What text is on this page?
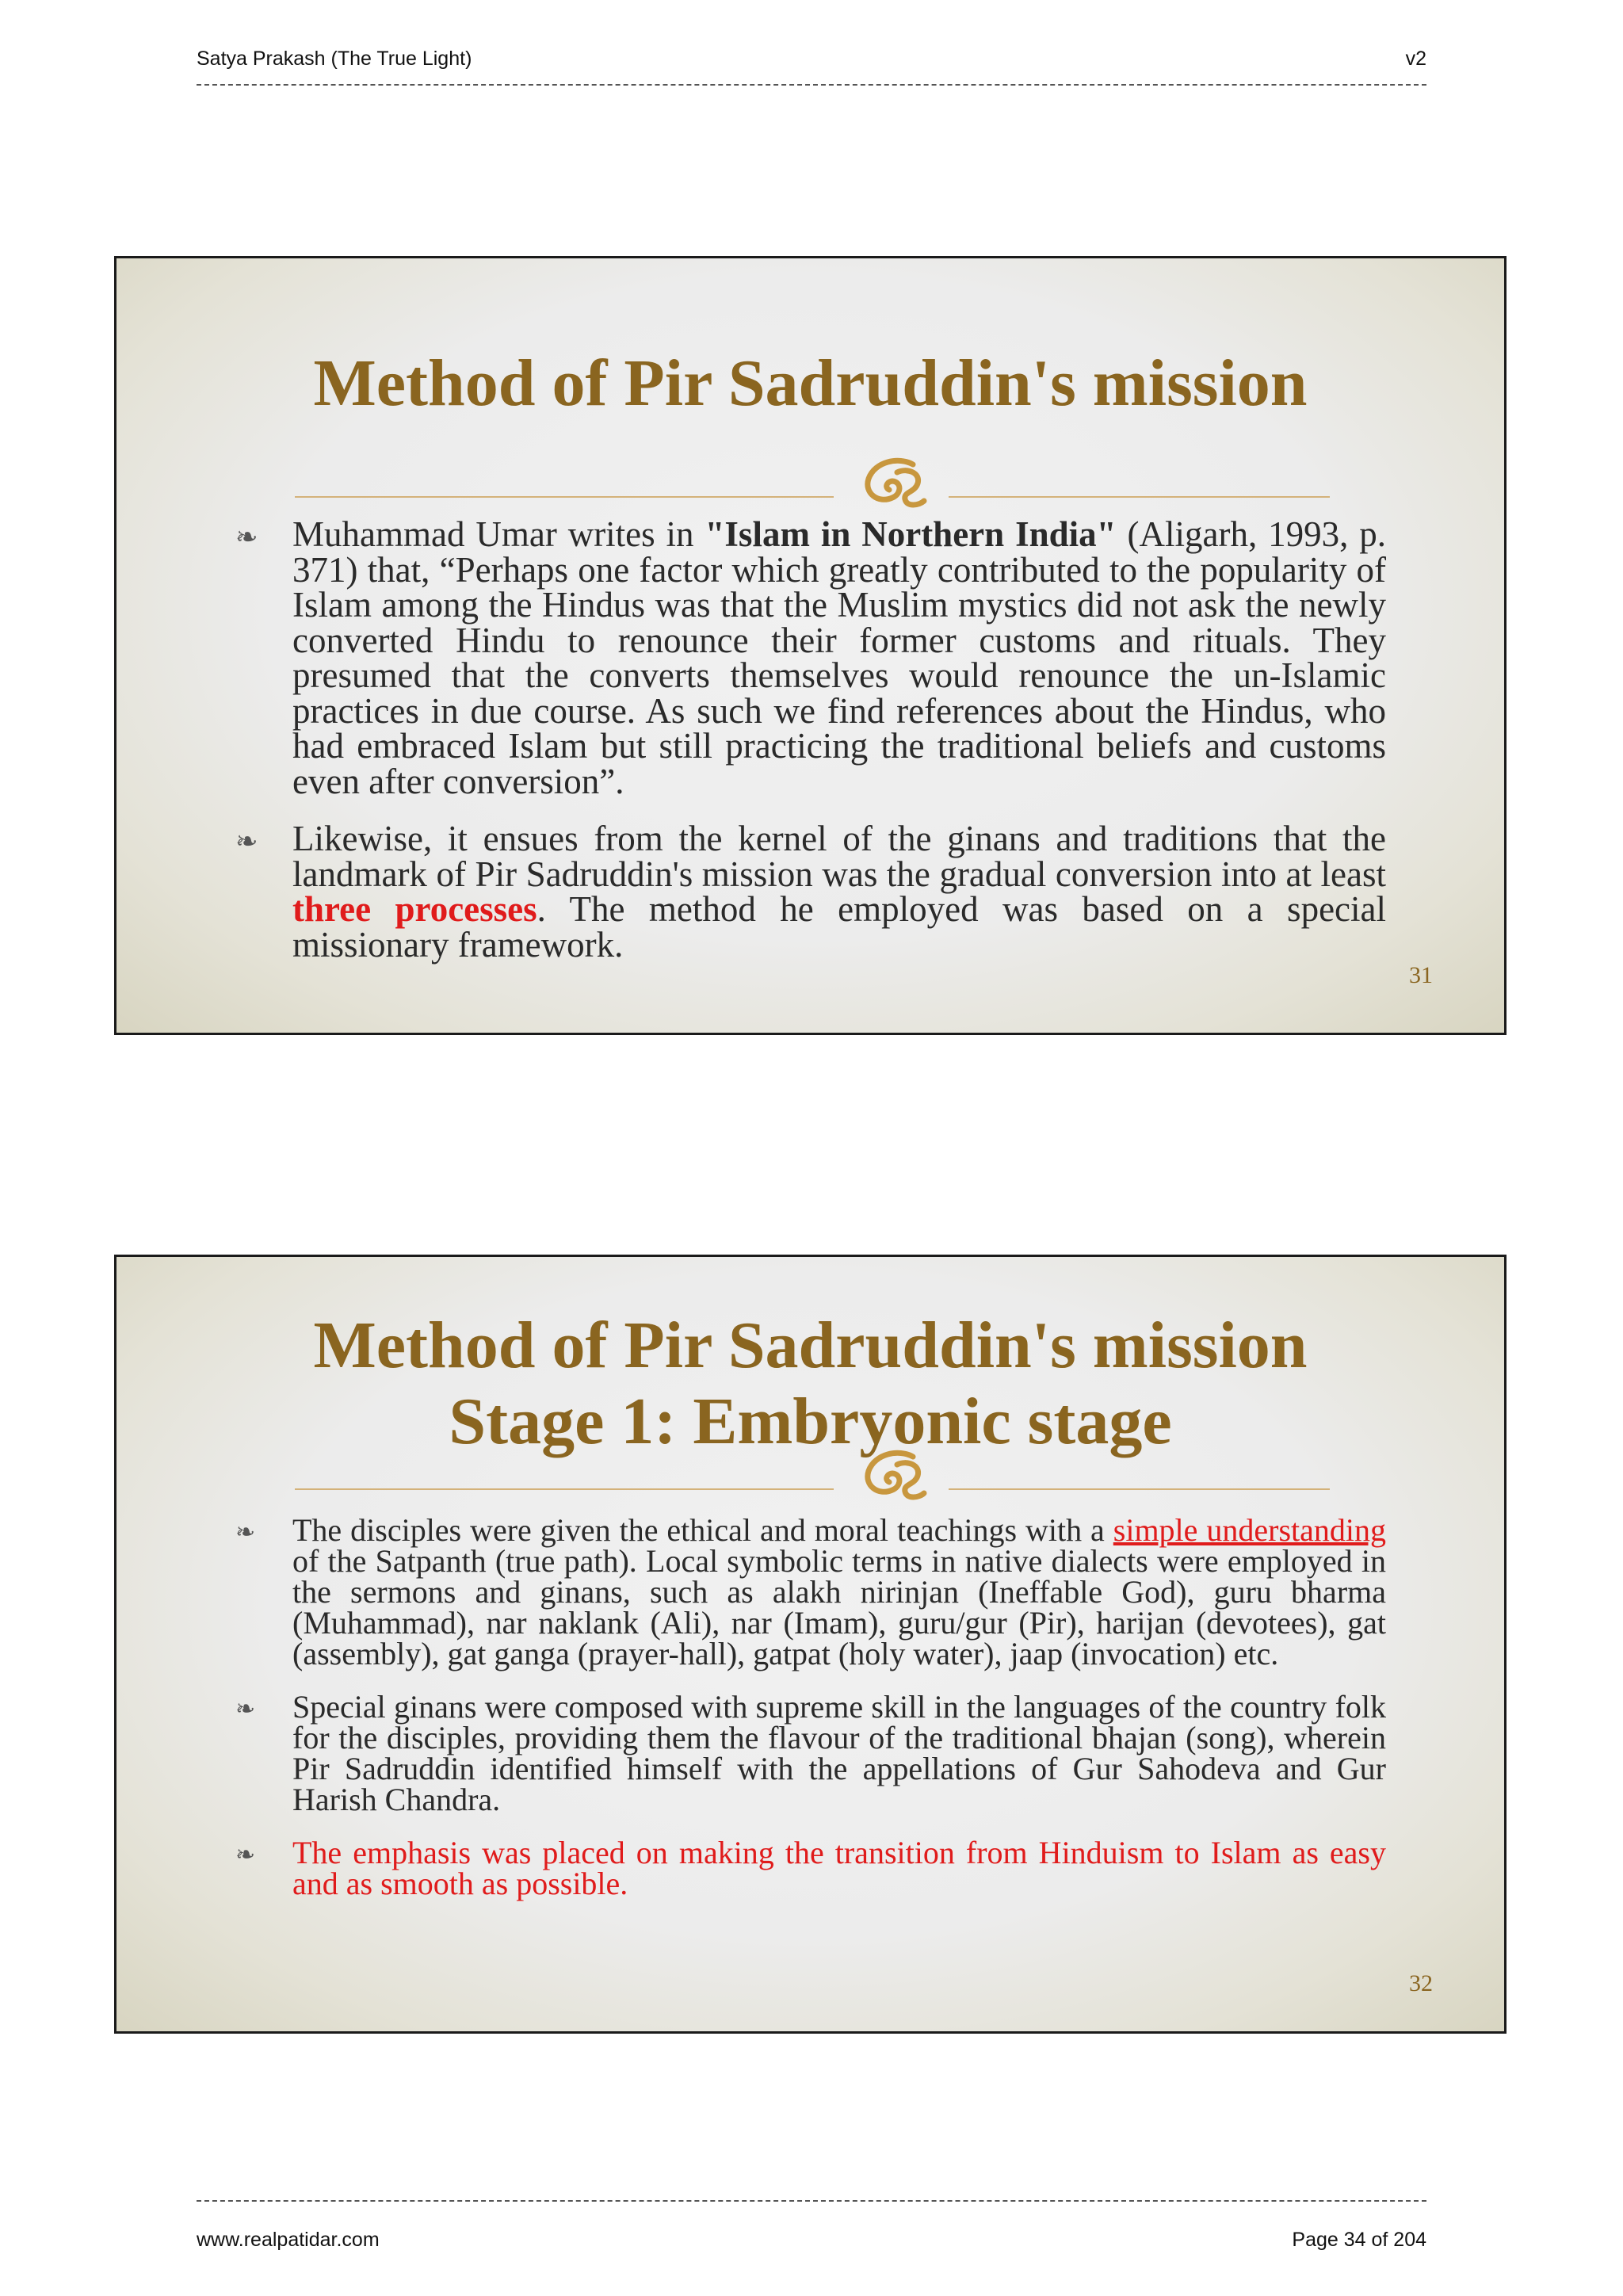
Satya Prakash (The True Light)	v2
Method of Pir Sadruddin's mission
❧ Muhammad Umar writes in "Islam in Northern India" (Aligarh, 1993, p. 371) that, “Perhaps one factor which greatly contributed to the popularity of Islam among the Hindus was that the Muslim mystics did not ask the newly converted Hindu to renounce their former customs and rituals. They presumed that the converts themselves would renounce the un-Islamic practices in due course. As such we find references about the Hindus, who had embraced Islam but still practicing the traditional beliefs and customs even after conversion”.
❧ Likewise, it ensues from the kernel of the ginans and traditions that the landmark of Pir Sadruddin's mission was the gradual conversion into at least three processes. The method he employed was based on a special missionary framework.
31
Method of Pir Sadruddin's mission
Stage 1: Embryonic stage
❧ The disciples were given the ethical and moral teachings with a simple understanding of the Satpanth (true path). Local symbolic terms in native dialects were employed in the sermons and ginans, such as alakh nirinjan (Ineffable God), guru bharma (Muhammad), nar naklank (Ali), nar (Imam), guru/gur (Pir), harijan (devotees), gat (assembly), gat ganga (prayer-hall), gatpat (holy water), jaap (invocation) etc.
❧ Special ginans were composed with supreme skill in the languages of the country folk for the disciples, providing them the flavour of the traditional bhajan (song), wherein Pir Sadruddin identified himself with the appellations of Gur Sahodeva and Gur Harish Chandra.
❧ The emphasis was placed on making the transition from Hinduism to Islam as easy and as smooth as possible.
32
www.realpatidar.com	Page 34 of 204
